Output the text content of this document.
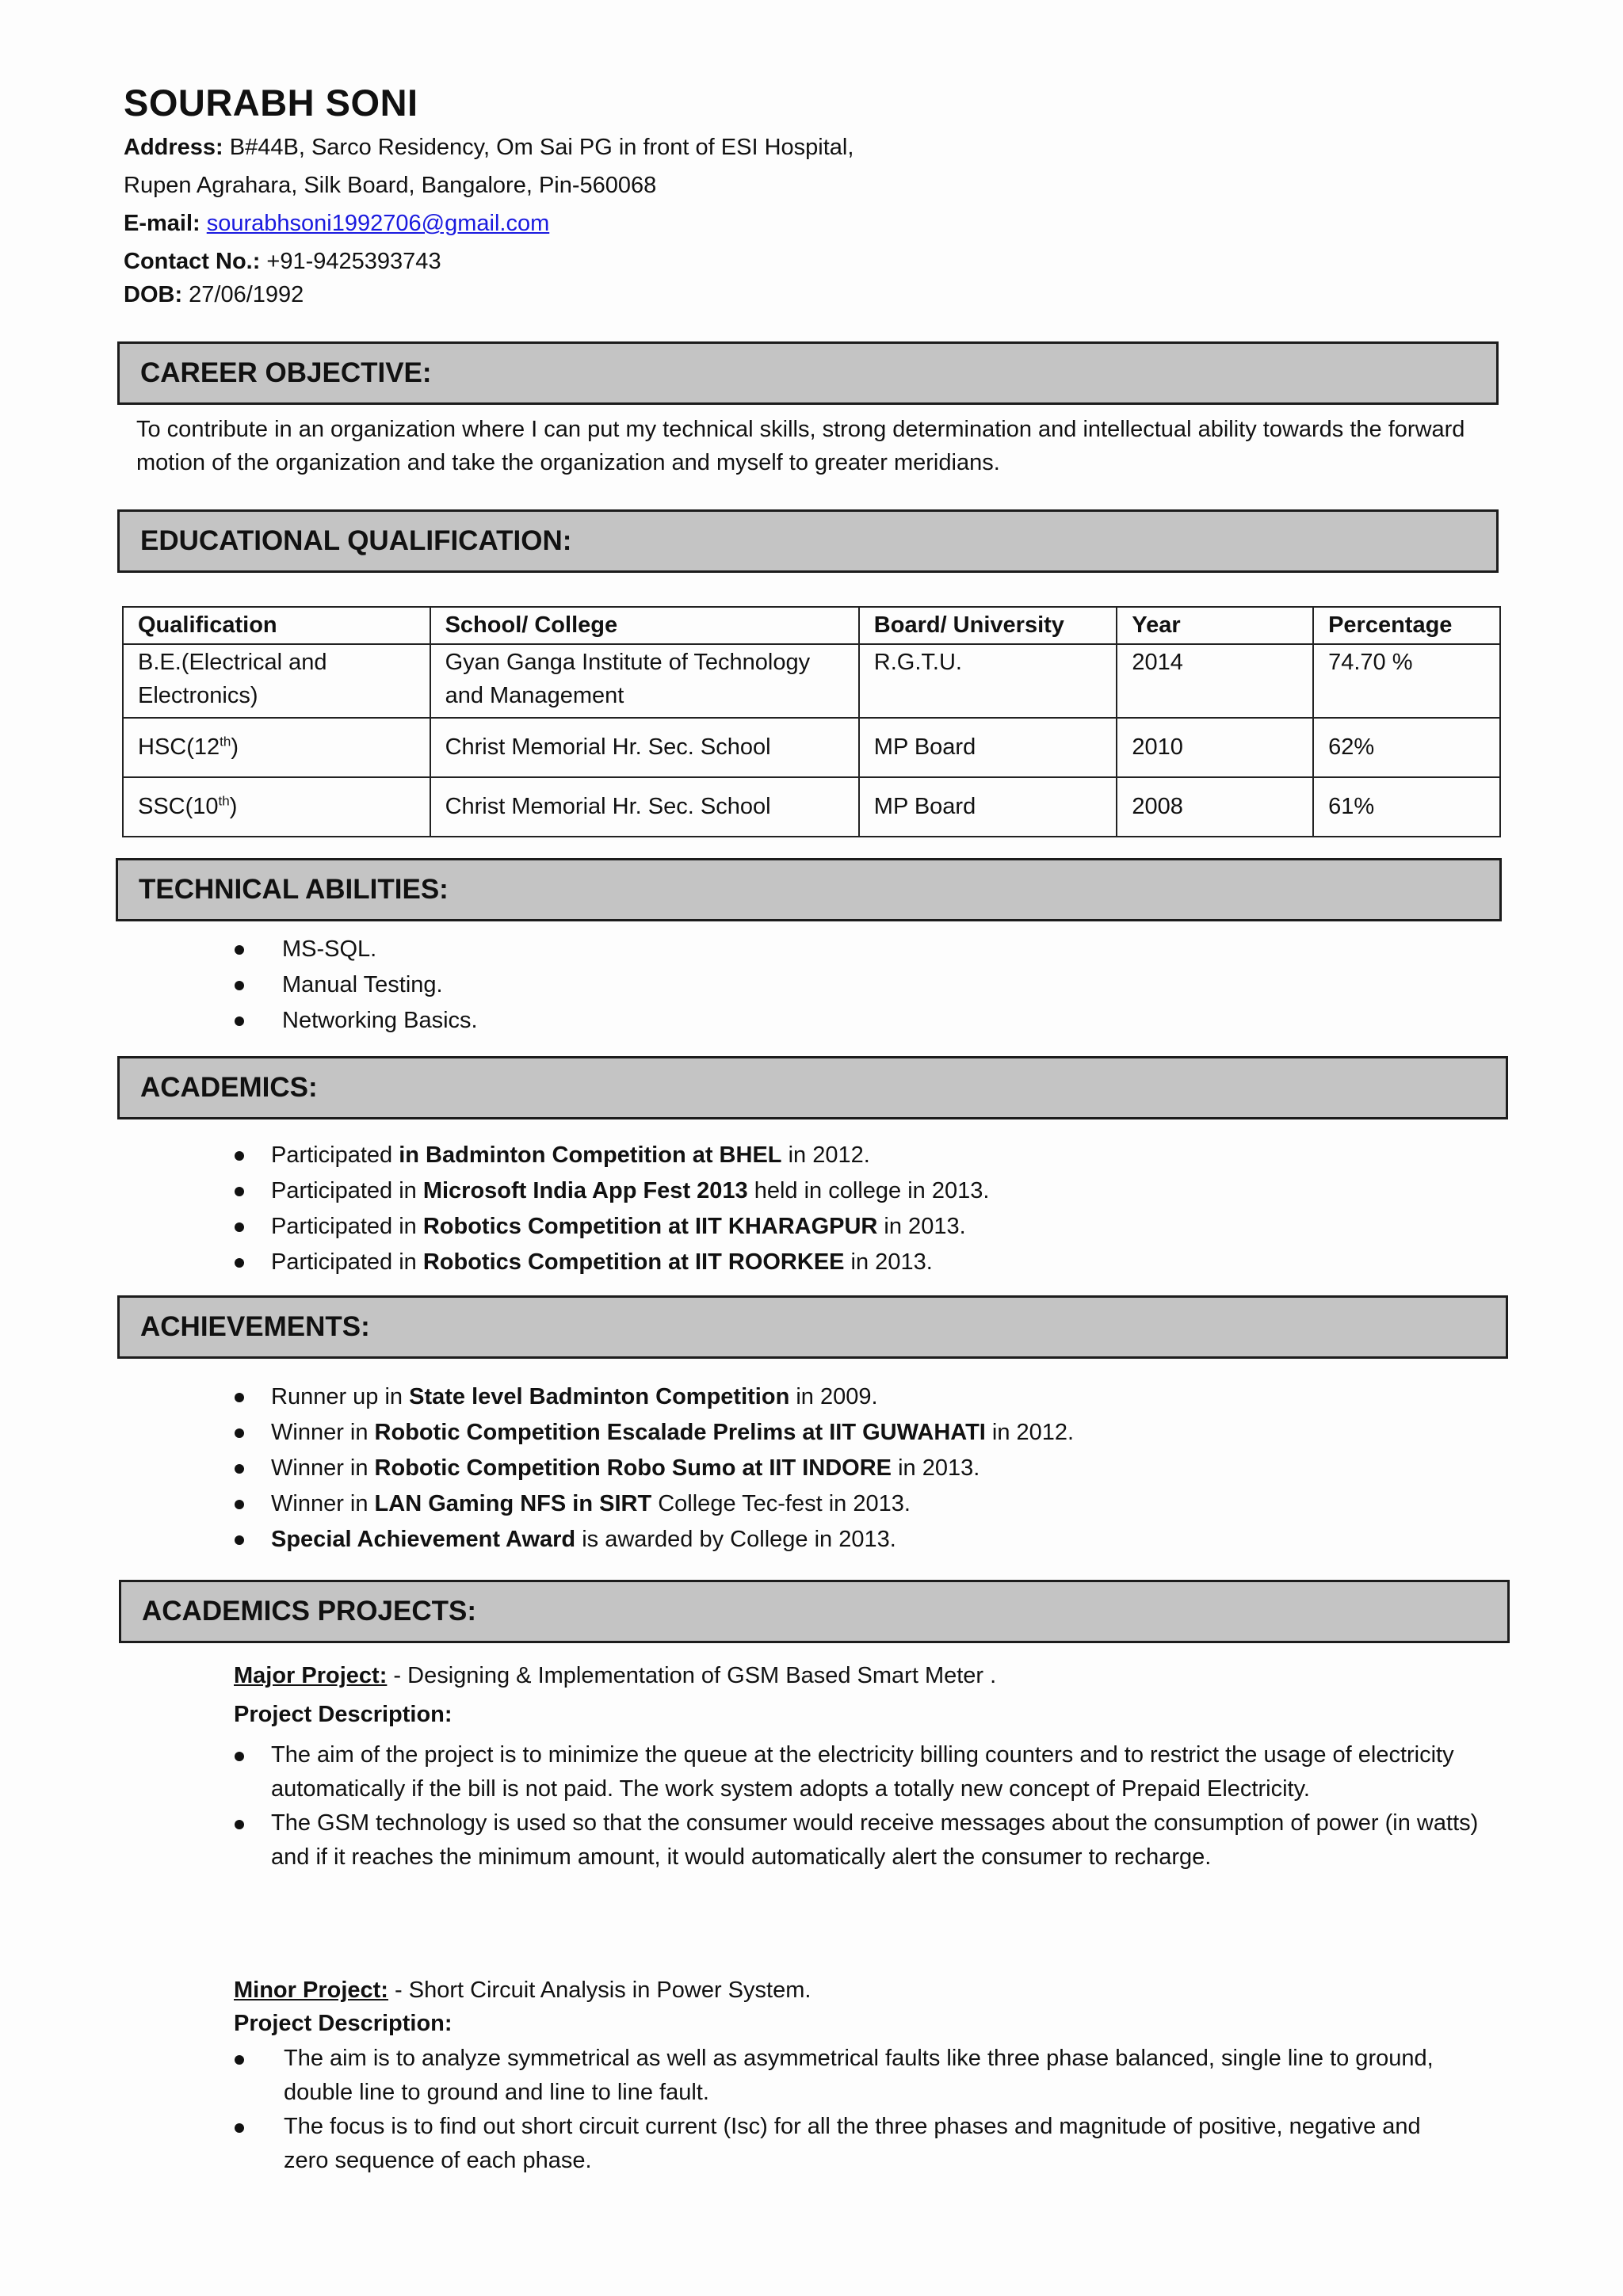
SOURABH SONI
Address: B#44B, Sarco Residency, Om Sai PG in front of ESI Hospital,
Rupen Agrahara, Silk Board, Bangalore, Pin-560068
E-mail: sourabhsoni1992706@gmail.com
Contact No.: +91-9425393743
DOB: 27/06/1992
CAREER OBJECTIVE:
To contribute in an organization where I can put my technical skills, strong determination and intellectual ability towards the forward motion of the organization and take the organization and myself to greater meridians.
EDUCATIONAL QUALIFICATION:
Qualification	School/ College	Board/ University	Year	Percentage
B.E.(Electrical and Electronics)	Gyan Ganga Institute of Technology and Management	R.G.T.U.	2014	74.70 %
HSC(12th)	Christ Memorial Hr. Sec. School	MP Board	2010	62%
SSC(10th)	Christ Memorial Hr. Sec. School	MP Board	2008	61%
TECHNICAL ABILITIES:
MS-SQL.
Manual Testing.
Networking Basics.
ACADEMICS:
Participated in Badminton Competition at BHEL in 2012.
Participated in Microsoft India App Fest 2013 held in college in 2013.
Participated in Robotics Competition at IIT KHARAGPUR in 2013.
Participated in Robotics Competition at IIT ROORKEE in 2013.
ACHIEVEMENTS:
Runner up in State level Badminton Competition in 2009.
Winner in Robotic Competition Escalade Prelims at IIT GUWAHATI in 2012.
Winner in Robotic Competition Robo Sumo at IIT INDORE in 2013.
Winner in LAN Gaming NFS in SIRT College Tec-fest in 2013.
Special Achievement Award is awarded by College in 2013.
ACADEMICS PROJECTS:
Major Project: - Designing & Implementation of GSM Based Smart Meter .
Project Description:
The aim of the project is to minimize the queue at the electricity billing counters and to restrict the usage of electricity automatically if the bill is not paid. The work system adopts a totally new concept of Prepaid Electricity.
The GSM technology is used so that the consumer would receive messages about the consumption of power (in watts) and if it reaches the minimum amount, it would automatically alert the consumer to recharge.
Minor Project: - Short Circuit Analysis in Power System.
Project Description:
The aim is to analyze symmetrical as well as asymmetrical faults like three phase balanced, single line to ground, double line to ground and line to line fault.
The focus is to find out short circuit current (Isc) for all the three phases and magnitude of positive, negative and zero sequence of each phase.
